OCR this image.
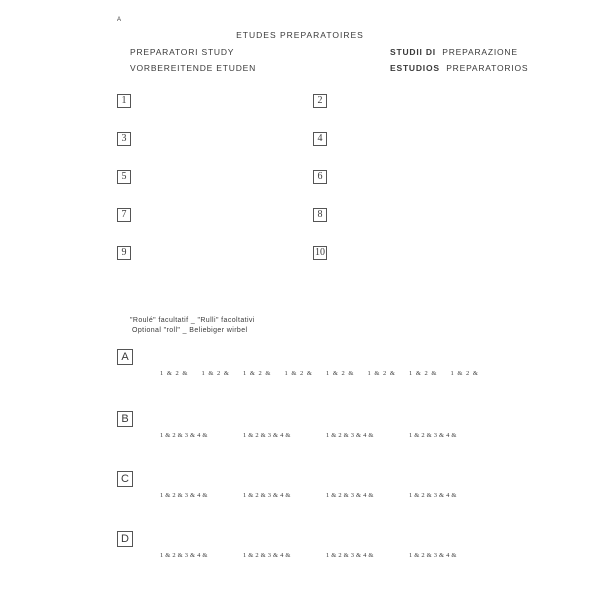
A
ETUDES PREPARATOIRES
PREPARATORI STUDY
VORBEREITENDE ETUDEN
STUDII DI PREPARAZIONE
ESTUDIOS PREPARATORIOS
1	2
3	4
5	6
7	8
9	10
"Roulé" facultatif _ "Rulli" facoltativi
Optional "roll" _ Beliebiger wirbel
A
1 & 2 &	1 & 2 &	1 & 2 &	1 & 2 &	1 & 2 &	1 & 2 &	1 & 2 &	1 & 2 &
B
1 & 2 & 3 & 4 &	1 & 2 & 3 & 4 &	1 & 2 & 3 & 4 &	1 & 2 & 3 & 4 &
C
1 & 2 & 3 & 4 &	1 & 2 & 3 & 4 &	1 & 2 & 3 & 4 &	1 & 2 & 3 & 4 &
D
1 & 2 & 3 & 4 &	1 & 2 & 3 & 4 &	1 & 2 & 3 & 4 &	1 & 2 & 3 & 4 &
